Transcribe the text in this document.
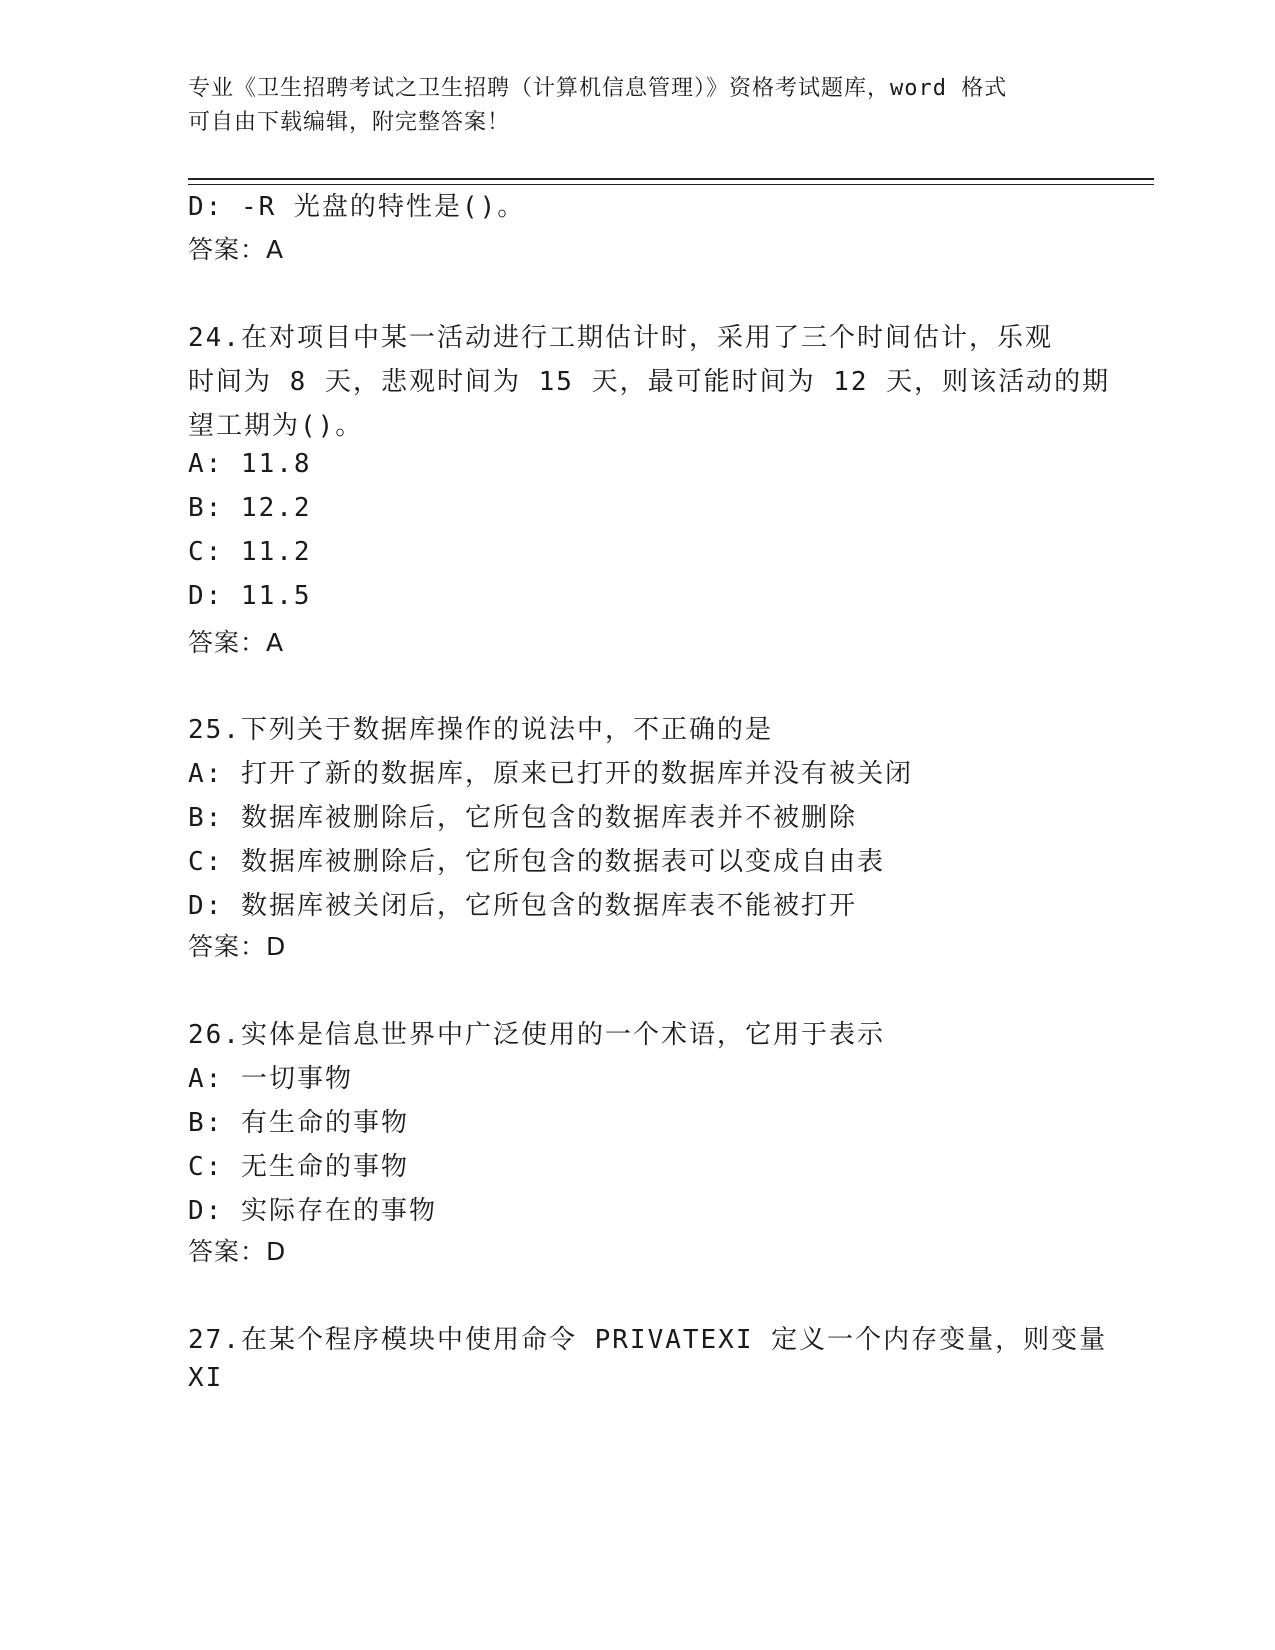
专业《卫生招聘考试之卫生招聘（计算机信息管理）》资格考试题库，word 格式
可自由下载编辑，附完整答案！
D: -R 光盘的特性是()。
答案：A
24.在对项目中某一活动进行工期估计时，采用了三个时间估计，乐观
时间为 8 天，悲观时间为 15 天，最可能时间为 12 天，则该活动的期
望工期为()。
A: 11.8
B: 12.2
C: 11.2
D: 11.5
答案：A
25.下列关于数据库操作的说法中，不正确的是
A: 打开了新的数据库，原来已打开的数据库并没有被关闭
B: 数据库被删除后，它所包含的数据库表并不被删除
C: 数据库被删除后，它所包含的数据表可以变成自由表
D: 数据库被关闭后，它所包含的数据库表不能被打开
答案：D
26.实体是信息世界中广泛使用的一个术语，它用于表示
A: 一切事物
B: 有生命的事物
C: 无生命的事物
D: 实际存在的事物
答案：D
27.在某个程序模块中使用命令 PRIVATEXI 定义一个内存变量，则变量
XI
